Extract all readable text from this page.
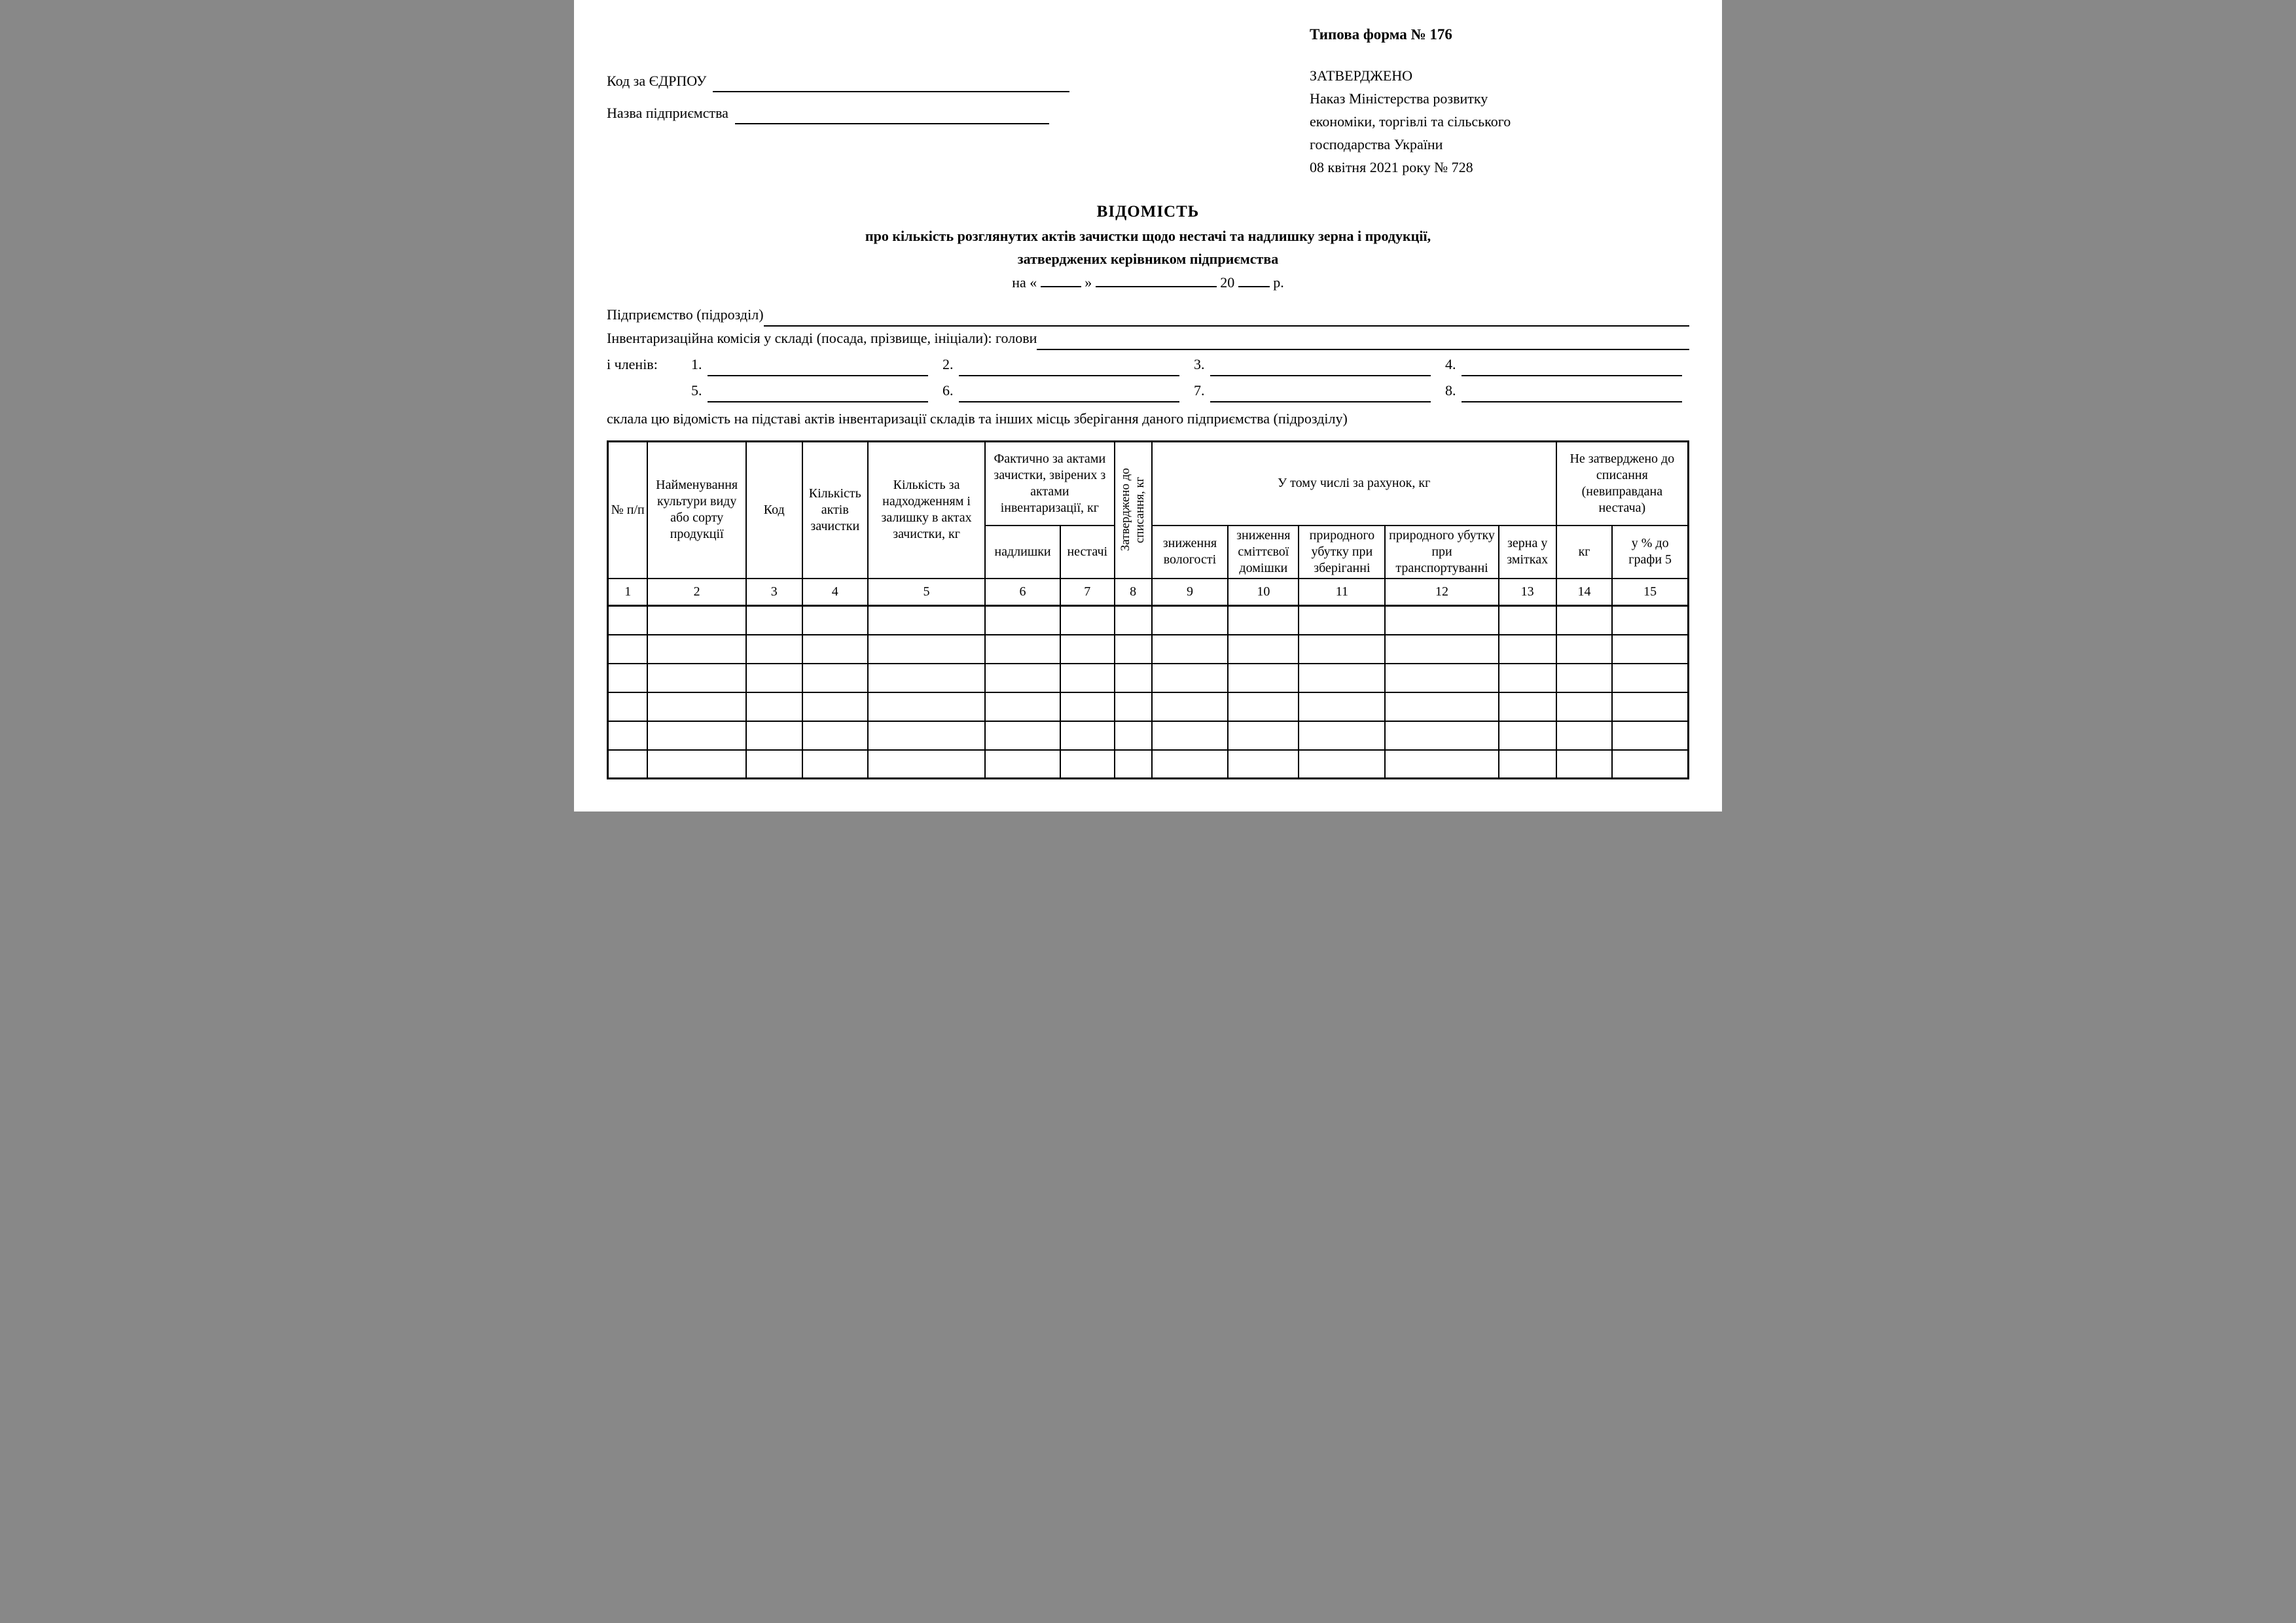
Код за ЄДРПОУ
Назва підприємства
Типова форма № 176
ЗАТВЕРДЖЕНО
Наказ Міністерства розвитку
економіки, торгівлі та сільського
господарства України
08 квітня 2021 року № 728
ВІДОМІСТЬ
про кількість розглянутих актів зачистки щодо нестачі та надлишку зерна і продукції,
затверджених керівником підприємства
на «	»	20	р.
Підприємство (підрозділ)
Інвентаризаційна комісія у складі (посада, прізвище, ініціали): голови
і членів:	1.	2.	3.	4.
5.	6.	7.	8.
склала цю відомість на підставі актів інвентаризації складів та інших місць зберігання даного підприємства (підрозділу)
№ п/п	Найменування культури виду або сорту продукції	Код	Кількість актів зачистки	Кількість за надходженням і залишку в актах зачистки, кг	Фактично за актами зачистки, звірених з актами інвентаризації, кг		Затверджено до списання, кг	У тому числі за рахунок, кг					Не затверджено до списання (невиправдана нестача)	
					надлишки	нестачі		зниження вологості	зниження сміттєвої домішки	природного убутку при зберіганні	природного убутку при транспортуванні	зерна у змітках	кг	у % до графи 5
1	2	3	4	5	6	7	8	9	10	11	12	13	14	15
